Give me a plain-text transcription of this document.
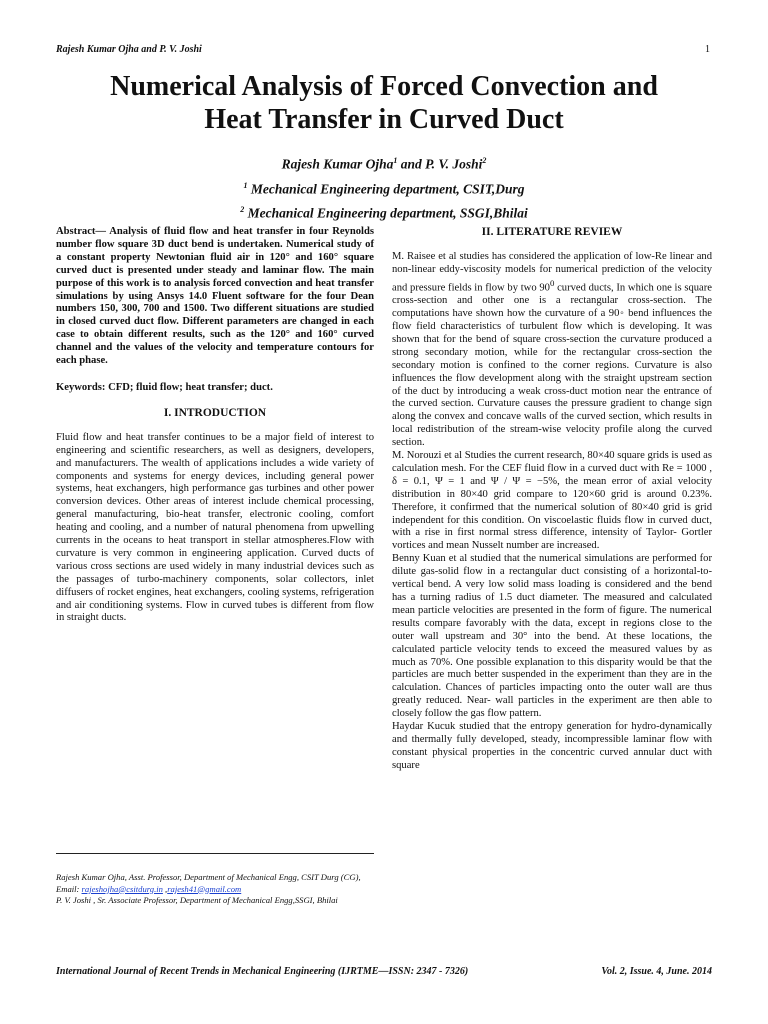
Rajesh Kumar Ojha and P. V. Joshi	1
Numerical Analysis of Forced Convection and
Heat Transfer in Curved Duct
Rajesh Kumar Ojha$^1$ and P. V. Joshi$^2$
$^1$ Mechanical Engineering department, CSIT,Durg
$^2$ Mechanical Engineering department, SSGI,Bhilai
Abstract— Analysis of fluid flow and heat transfer in four Reynolds number flow square 3D duct bend is undertaken. Numerical study of a constant property Newtonian fluid air in 120° and 160° square curved duct is presented under steady and laminar flow. The main purpose of this work is to analysis forced convection and heat transfer simulations by using Ansys 14.0 Fluent software for the four Dean numbers 150, 300, 700 and 1500. Two different situations are studied in closed curved duct flow. Different parameters are changed in each case to obtain different results, such as the 120° and 160° curved channel and the values of the velocity and temperature contours for each phase.
Keywords: CFD; fluid flow; heat transfer; duct.
I. INTRODUCTION
Fluid flow and heat transfer continues to be a major field of interest to engineering and scientific researchers, as well as designers, developers, and manufacturers. The wealth of applications includes a wide variety of components and systems for energy devices, including general power systems, heat exchangers, high performance gas turbines and other power conversion devices. Other areas of interest include chemical processing, general manufacturing, bio-heat transfer, electronic cooling, comfort heating and cooling, and a number of natural phenomena from upwelling currents in the oceans to heat transport in stellar atmospheres.Flow with curvature is very common in engineering application. Curved ducts of various cross sections are used widely in many industrial devices such as the passages of turbo-machinery components, solar collectors, inlet diffusers of rocket engines, heat exchangers, cooling systems, refrigeration and air conditioning systems. Flow in curved tubes is different from flow in straight ducts.
Rajesh Kumar Ojha, Asst. Professor, Department of Mechanical Engg, CSIT Durg (CG), Email: rajeshojha@csitdurg.in ,rajesh41@gmail.com
P. V. Joshi , Sr. Associate Professor, Department of Mechanical Engg,SSGI, Bhilai
II. LITERATURE REVIEW
M. Raisee et al studies has considered the application of low-Re linear and non-linear eddy-viscosity models for numerical prediction of the velocity and pressure fields in flow by two $90^0$ curved ducts, In which one is square cross-section and other one is a rectangular cross-section. The computations have shown how the curvature of a 90◦ bend influences the flow field characteristics of turbulent flow which is developing. It was shown that for the bend of square cross-section the curvature produced a strong secondary motion, while for the rectangular cross-section the secondary motion is confined to the corner regions. Curvature is also influences the flow development along with the straight upstream section of the duct by introducing a weak cross-duct motion near the entrance of the curved section. Curvature causes the pressure gradient to change sign along the convex and concave walls of the curved section, which results in local redistribution of the stream-wise velocity profile along the curved section.
M. Norouzi et al Studies the current research, 80×40 square grids is used as calculation mesh. For the CEF fluid flow in a curved duct with Re = 1000 , δ = 0.1, Ψ = 1 and Ψ / Ψ = −5%, the mean error of axial velocity distribution in 80×40 grid compare to 120×60 grid is around 0.23%. Therefore, it confirmed that the numerical solution of 80×40 grid is grid independent for this condition. On viscoelastic fluids flow in curved duct, with a rise in first normal stress difference, intensity of Taylor- Gortler vortices and mean Nusselt number are increased.
Benny Kuan et al studied that the numerical simulations are performed for dilute gas-solid flow in a rectangular duct consisting of a horizontal-to-vertical bend. A very low solid mass loading is considered and the bend has a turning radius of 1.5 duct diameter. The measured and calculated mean particle velocities are presented in the form of figure. The numerical results compare favorably with the data, except in regions close to the outer wall upstream and 30° into the bend. At these locations, the calculated particle velocity tends to exceed the measured values by as much as 70%. One possible explanation to this disparity would be that the particles are much better suspended in the experiment than they are in the calculation. Chances of particles impacting onto the outer wall are thus greatly reduced. Near- wall particles in the experiment are then able to closely follow the gas flow pattern.
Haydar Kucuk studied that the entropy generation for hydro-dynamically and thermally fully developed, steady, incompressible laminar flow with constant physical properties in the concentric curved annular duct with square
International Journal of Recent Trends in Mechanical Engineering (IJRTME—ISSN: 2347 - 7326)	Vol. 2, Issue. 4, June. 2014
